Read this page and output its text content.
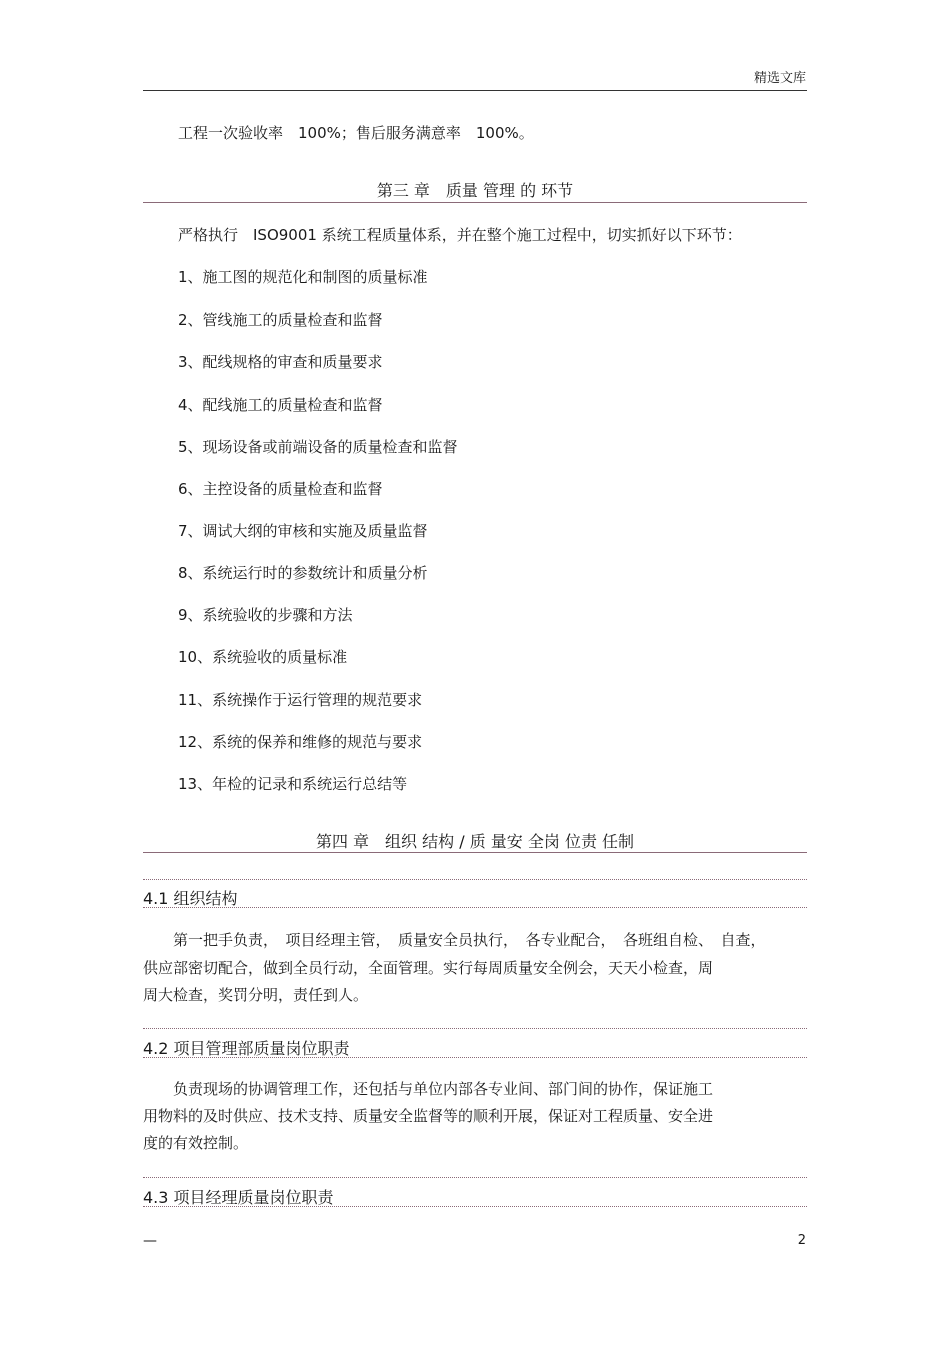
精选文库
工程一次验收率　100%；售后服务满意率　100%。
第三 章　质量 管理 的 环节
严格执行　ISO9001 系统工程质量体系，并在整个施工过程中，切实抓好以下环节：
1、施工图的规范化和制图的质量标准
2、管线施工的质量检查和监督
3、配线规格的审查和质量要求
4、配线施工的质量检查和监督
5、现场设备或前端设备的质量检查和监督
6、主控设备的质量检查和监督
7、调试大纲的审核和实施及质量监督
8、系统运行时的参数统计和质量分析
9、系统验收的步骤和方法
10、系统验收的质量标准
11、系统操作于运行管理的规范要求
12、系统的保养和维修的规范与要求
13、年检的记录和系统运行总结等
第四 章　组织 结构 / 质 量安 全岗 位责 任制
4.1 组织结构
　　第一把手负责，　项目经理主管，　质量安全员执行，　各专业配合，　各班组自检、　自查，
供应部密切配合，做到全员行动，全面管理。实行每周质量安全例会，天天小检查，周
周大检查，奖罚分明，责任到人。
4.2 项目管理部质量岗位职责
　　负责现场的协调管理工作，还包括与单位内部各专业间、部门间的协作，保证施工
用物料的及时供应、技术支持、质量安全监督等的顺利开展，保证对工程质量、安全进
度的有效控制。
4.3 项目经理质量岗位职责
—	2
